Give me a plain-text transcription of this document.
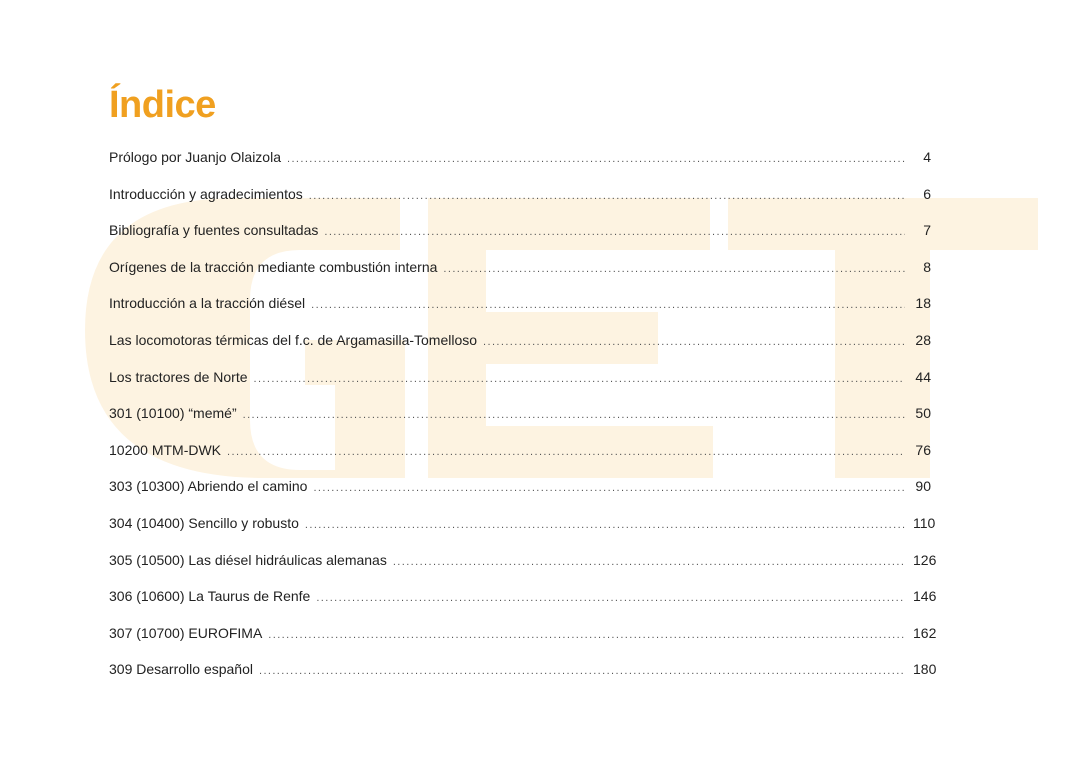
Índice
Prólogo por Juanjo Olaizola .....	4
Introducción y agradecimientos .....	6
Bibliografía y fuentes consultadas .....	7
Orígenes de la tracción mediante combustión interna .....	8
Introducción a la tracción diésel .....	18
Las locomotoras térmicas del f.c. de Argamasilla-Tomelloso .....	28
Los tractores de Norte .....	44
301 (10100) “memé” .....	50
10200 MTM-DWK .....	76
303 (10300) Abriendo el camino .....	90
304 (10400) Sencillo y robusto .....	110
305 (10500) Las diésel hidráulicas alemanas .....	126
306 (10600) La Taurus de Renfe .....	146
307 (10700) EUROFIMA .....	162
309 Desarrollo español .....	180
